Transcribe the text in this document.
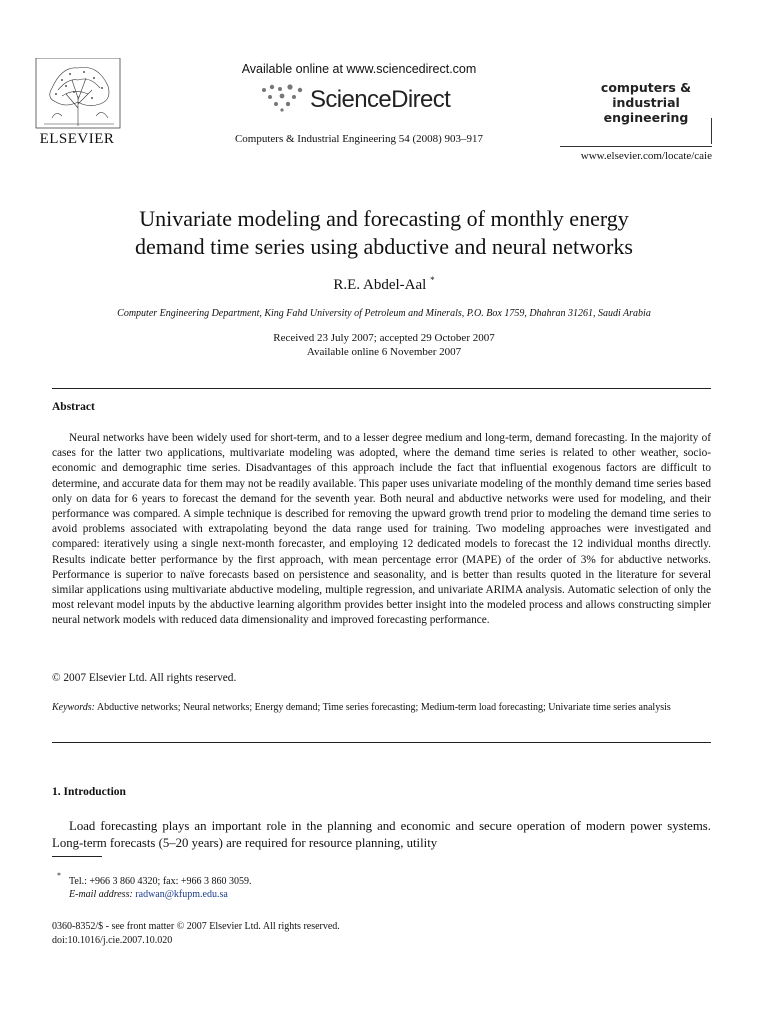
ELSEVIER
Available online at www.sciencedirect.com
ScienceDirect
Computers & Industrial Engineering 54 (2008) 903–917
computers &
industrial
engineering
www.elsevier.com/locate/caie
Univariate modeling and forecasting of monthly energy
demand time series using abductive and neural networks
R.E. Abdel-Aal *
Computer Engineering Department, King Fahd University of Petroleum and Minerals, P.O. Box 1759, Dhahran 31261, Saudi Arabia
Received 23 July 2007; accepted 29 October 2007
Available online 6 November 2007
Abstract
Neural networks have been widely used for short-term, and to a lesser degree medium and long-term, demand forecasting. In the majority of cases for the latter two applications, multivariate modeling was adopted, where the demand time series is related to other weather, socio-economic and demographic time series. Disadvantages of this approach include the fact that influential exogenous factors are difficult to determine, and accurate data for them may not be readily available. This paper uses univariate modeling of the monthly demand time series based only on data for 6 years to forecast the demand for the seventh year. Both neural and abductive networks were used for modeling, and their performance was compared. A simple technique is described for removing the upward growth trend prior to modeling the demand time series to avoid problems associated with extrapolating beyond the data range used for training. Two modeling approaches were investigated and compared: iteratively using a single next-month forecaster, and employing 12 dedicated models to forecast the 12 individual months directly. Results indicate better performance by the first approach, with mean percentage error (MAPE) of the order of 3% for abductive networks. Performance is superior to naïve forecasts based on persistence and seasonality, and is better than results quoted in the literature for several similar applications using multivariate abductive modeling, multiple regression, and univariate ARIMA analysis. Automatic selection of only the most relevant model inputs by the abductive learning algorithm provides better insight into the modeled process and allows constructing simpler neural network models with reduced data dimensionality and improved forecasting performance.
© 2007 Elsevier Ltd. All rights reserved.
Keywords: Abductive networks; Neural networks; Energy demand; Time series forecasting; Medium-term load forecasting; Univariate time series analysis
1. Introduction
Load forecasting plays an important role in the planning and economic and secure operation of modern power systems. Long-term forecasts (5–20 years) are required for resource planning, utility
*
Tel.: +966 3 860 4320; fax: +966 3 860 3059.
E-mail address: radwan@kfupm.edu.sa
0360-8352/$ - see front matter © 2007 Elsevier Ltd. All rights reserved.
doi:10.1016/j.cie.2007.10.020
